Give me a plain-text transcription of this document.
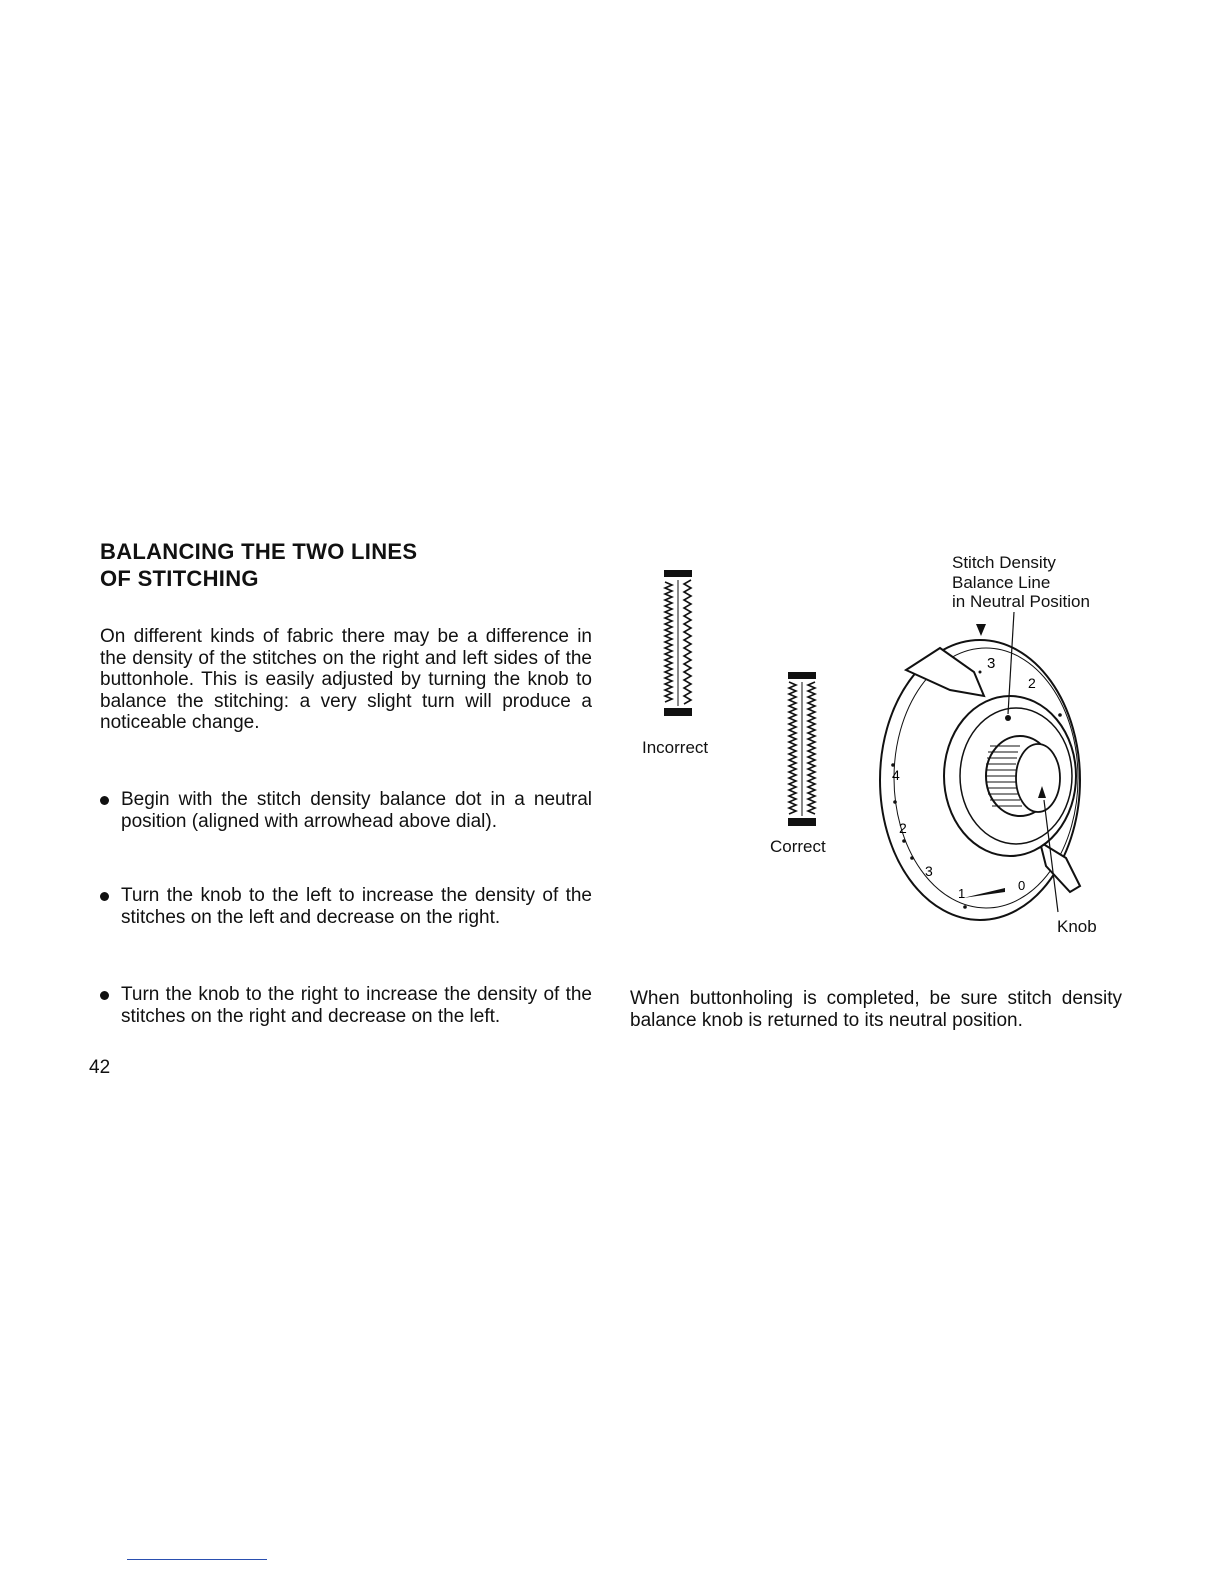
BALANCING THE TWO LINES
OF STITCHING

On different kinds of fabric there may be a difference in the density of the stitches on the right and left sides of the buttonhole. This is easily adjusted by turning the knob to balance the stitching: a very slight turn will produce a noticeable change.

Begin with the stitch density balance dot in a neutral position (aligned with arrowhead above dial).
Turn the knob to the left to increase the density of the stitches on the left and decrease on the right.
Turn the knob to the right to increase the density of the stitches on the right and decrease on the left.
42
3
2
4
2
3
1
0
Incorrect
Correct
Stitch Density
Balance Line
in Neutral Position
Knob

When buttonholing is completed, be sure stitch density balance knob is returned to its neutral position.
